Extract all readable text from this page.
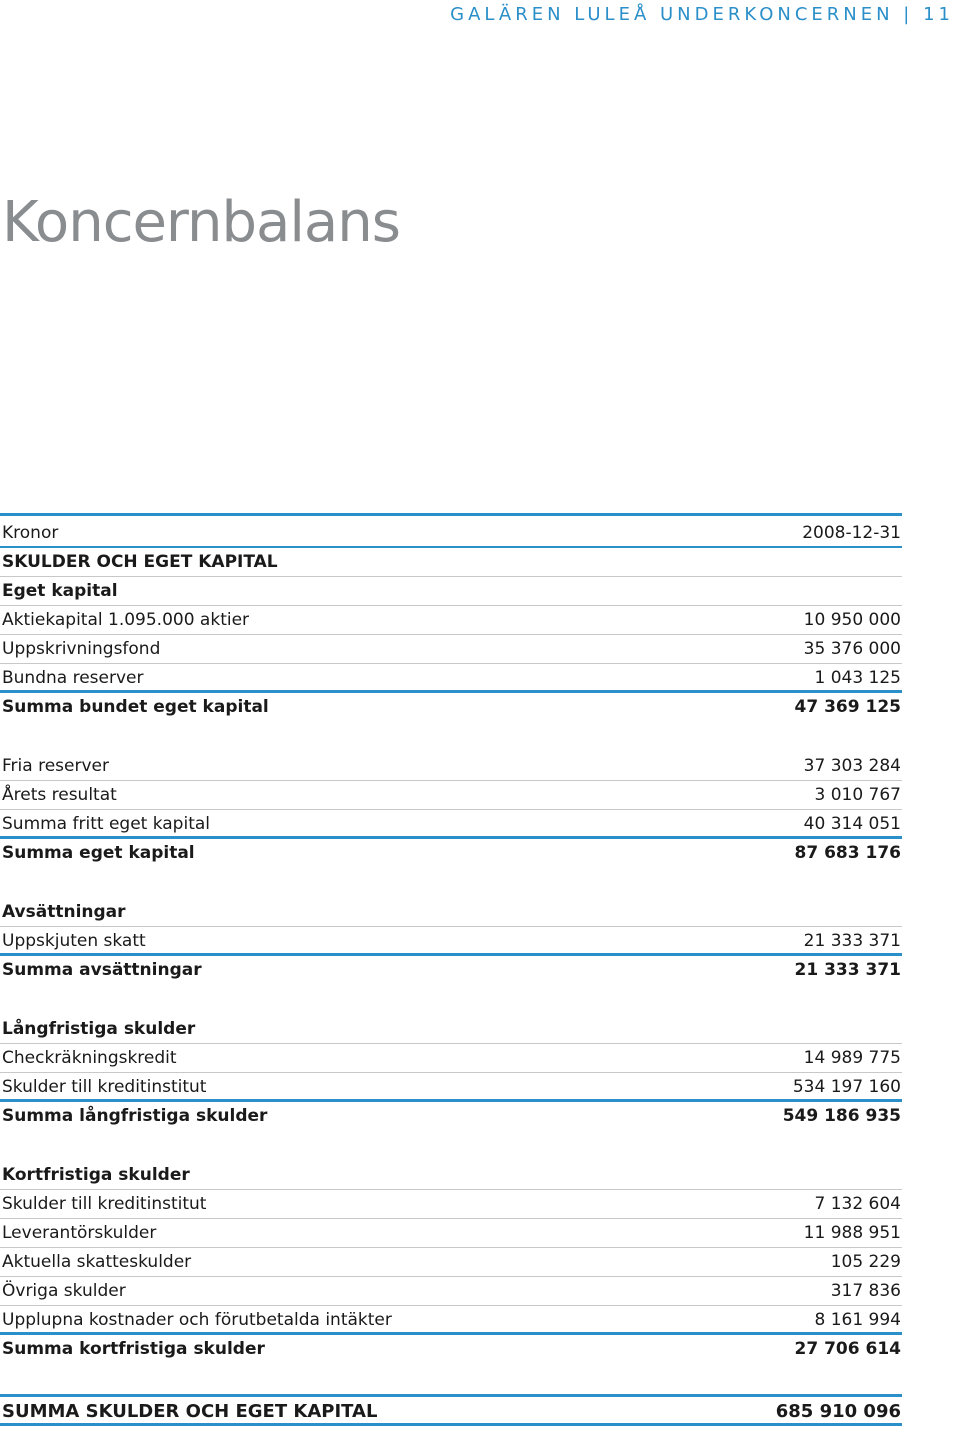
GALÄREN LULEÅ UNDERKONCERNEN | 11
Koncernbalans
Kronor	2008-12-31
SKULDER OCH EGET KAPITAL
Eget kapital
Aktiekapital 1.095.000 aktier	10 950 000
Uppskrivningsfond	35 376 000
Bundna reserver	1 043 125
Summa bundet eget kapital	47 369 125
Fria reserver	37 303 284
Årets resultat	3 010 767
Summa fritt eget kapital	40 314 051
Summa eget kapital	87 683 176
Avsättningar
Uppskjuten skatt	21 333 371
Summa avsättningar	21 333 371
Långfristiga skulder
Checkräkningskredit	14 989 775
Skulder till kreditinstitut	534 197 160
Summa långfristiga skulder	549 186 935
Kortfristiga skulder
Skulder till kreditinstitut	7 132 604
Leverantörskulder	11 988 951
Aktuella skatteskulder	105 229
Övriga skulder	317 836
Upplupna kostnader och förutbetalda intäkter	8 161 994
Summa kortfristiga skulder	27 706 614
SUMMA SKULDER OCH EGET KAPITAL	685 910 096
